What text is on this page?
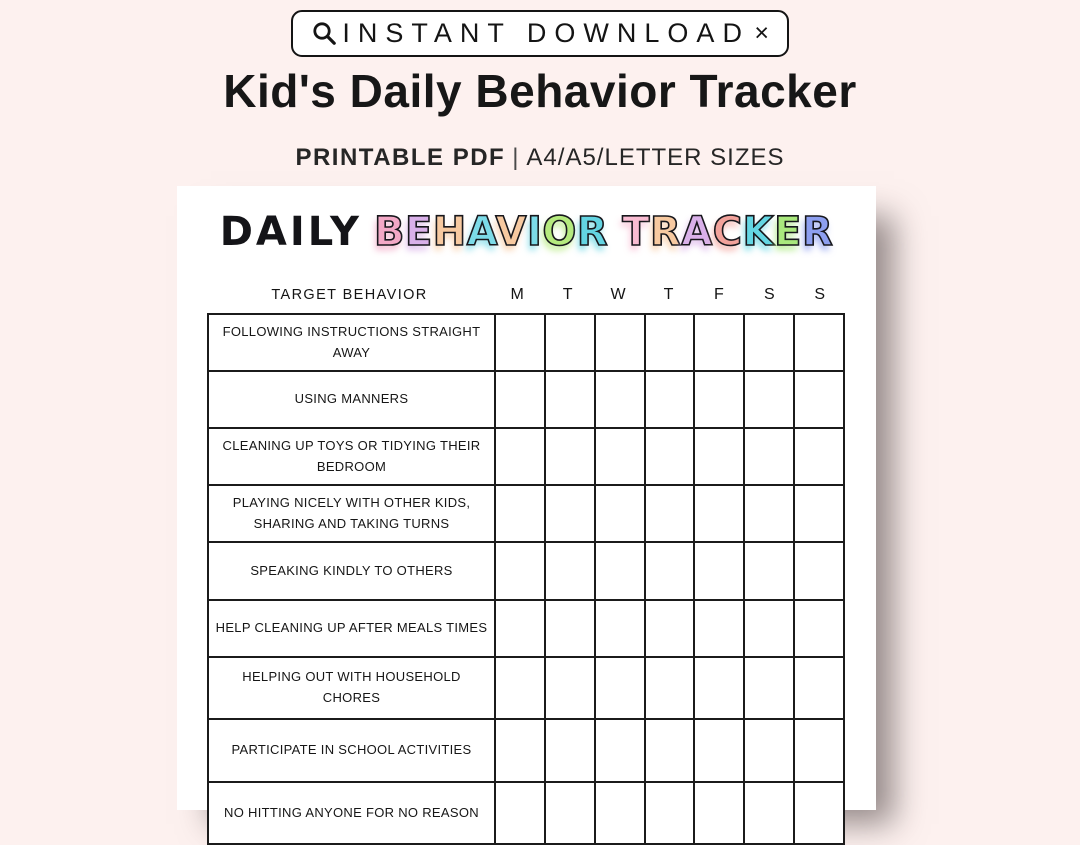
INSTANT DOWNLOAD ×
Kid's Daily Behavior Tracker
PRINTABLE PDF | A4/A5/LETTER SIZES
DAILY BEHAVIOR TRACKER
TARGET BEHAVIOR	M	T	W	T	F	S	S
FOLLOWING INSTRUCTIONS STRAIGHT AWAY
USING MANNERS
CLEANING UP TOYS OR TIDYING THEIR BEDROOM
PLAYING NICELY WITH OTHER KIDS, SHARING AND TAKING TURNS
SPEAKING KINDLY TO OTHERS
HELP CLEANING UP AFTER MEALS TIMES
HELPING OUT WITH HOUSEHOLD CHORES
PARTICIPATE IN SCHOOL ACTIVITIES
NO HITTING ANYONE FOR NO REASON
